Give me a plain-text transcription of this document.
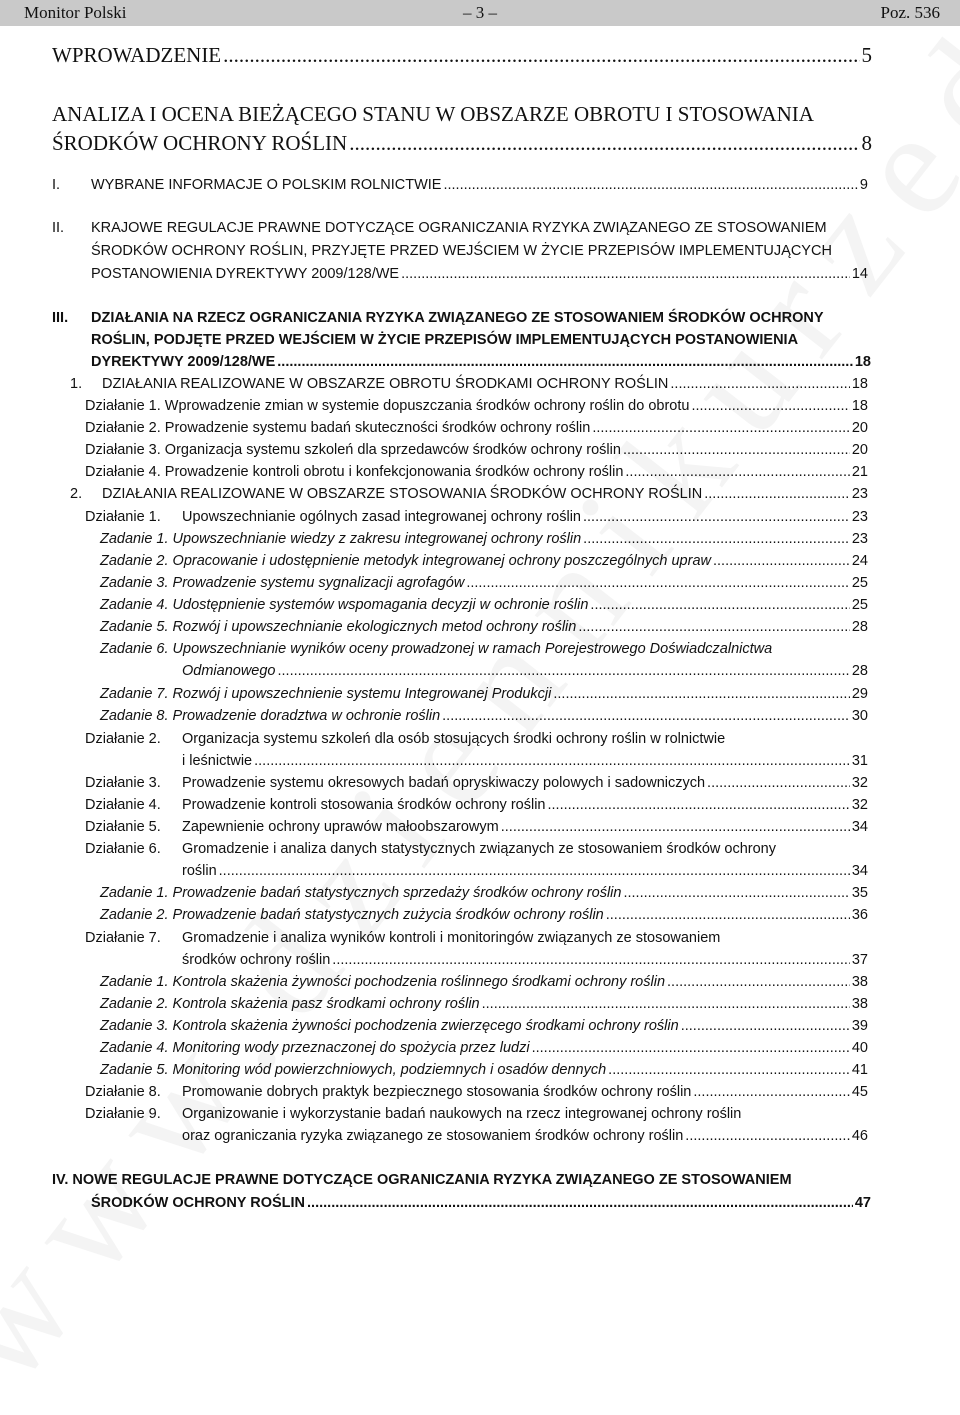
Monitor Polski	– 3 –	Poz. 536
WPROWADZENIE .....	5
ANALIZA I OCENA BIEŻĄCEGO STANU W OBSZARZE OBROTU I STOSOWANIA
ŚRODKÓW OCHRONY ROŚLIN .....	8
I. WYBRANE INFORMACJE O POLSKIM ROLNICTWIE .....	9
II. KRAJOWE REGULACJE PRAWNE DOTYCZĄCE OGRANICZANIA RYZYKA ZWIĄZANEGO ZE STOSOWANIEM
ŚRODKÓW OCHRONY ROŚLIN, PRZYJĘTE PRZED WEJŚCIEM W ŻYCIE PRZEPISÓW IMPLEMENTUJĄCYCH
POSTANOWIENIA DYREKTYWY 2009/128/WE .....	14
III. DZIAŁANIA NA RZECZ OGRANICZANIA RYZYKA ZWIĄZANEGO ZE STOSOWANIEM ŚRODKÓW OCHRONY
ROŚLIN, PODJĘTE PRZED WEJŚCIEM W ŻYCIE PRZEPISÓW IMPLEMENTUJĄCYCH POSTANOWIENIA
DYREKTYWY 2009/128/WE .....	18
1. DZIAŁANIA REALIZOWANE W OBSZARZE OBROTU ŚRODKAMI OCHRONY ROŚLIN .....	18
Działanie 1. Wprowadzenie zmian w systemie dopuszczania środków ochrony roślin do obrotu .....	18
Działanie 2. Prowadzenie systemu badań skuteczności środków ochrony roślin .....	20
Działanie 3. Organizacja systemu szkoleń dla sprzedawców środków ochrony roślin .....	20
Działanie 4. Prowadzenie kontroli obrotu i konfekcjonowania środków ochrony roślin .....	21
2. DZIAŁANIA REALIZOWANE W OBSZARZE STOSOWANIA ŚRODKÓW OCHRONY ROŚLIN .....	23
Działanie 1. Upowszechnianie ogólnych zasad integrowanej ochrony roślin .....	23
Zadanie 1. Upowszechnianie wiedzy z zakresu integrowanej ochrony roślin .....	23
Zadanie 2. Opracowanie i udostępnienie metodyk integrowanej ochrony poszczególnych upraw .....	24
Zadanie 3. Prowadzenie systemu sygnalizacji agrofagów .....	25
Zadanie 4. Udostępnienie systemów wspomagania decyzji w ochronie roślin .....	25
Zadanie 5. Rozwój i upowszechnianie ekologicznych metod ochrony roślin .....	28
Zadanie 6. Upowszechnianie wyników oceny prowadzonej w ramach Porejestrowego Doświadczalnictwa
Odmianowego .....	28
Zadanie 7. Rozwój i upowszechnienie systemu Integrowanej Produkcji .....	29
Zadanie 8. Prowadzenie doradztwa w ochronie roślin .....	30
Działanie 2. Organizacja systemu szkoleń dla osób stosujących środki ochrony roślin w rolnictwie
i leśnictwie .....	31
Działanie 3. Prowadzenie systemu okresowych badań opryskiwaczy polowych i sadowniczych .....	32
Działanie 4. Prowadzenie kontroli stosowania środków ochrony roślin .....	32
Działanie 5. Zapewnienie ochrony uprawów małoobszarowym .....	34
Działanie 6. Gromadzenie i analiza danych statystycznych związanych ze stosowaniem środków ochrony
roślin .....	34
Zadanie 1. Prowadzenie badań statystycznych sprzedaży środków ochrony roślin .....	35
Zadanie 2. Prowadzenie badań statystycznych zużycia środków ochrony roślin .....	36
Działanie 7. Gromadzenie i analiza wyników kontroli i monitoringów związanych ze stosowaniem
środków ochrony roślin .....	37
Zadanie 1. Kontrola skażenia żywności pochodzenia roślinnego środkami ochrony roślin .....	38
Zadanie 2. Kontrola skażenia pasz środkami ochrony roślin .....	38
Zadanie 3. Kontrola skażenia żywności pochodzenia zwierzęcego środkami ochrony roślin .....	39
Zadanie 4. Monitoring wody przeznaczonej do spożycia przez ludzi .....	40
Zadanie 5. Monitoring wód powierzchniowych, podziemnych i osadów dennych .....	41
Działanie 8. Promowanie dobrych praktyk bezpiecznego stosowania środków ochrony roślin .....	45
Działanie 9. Organizowanie i wykorzystanie badań naukowych na rzecz integrowanej ochrony roślin
oraz ograniczania ryzyka związanego ze stosowaniem środków ochrony roślin .....	46
IV. NOWE REGULACJE PRAWNE DOTYCZĄCE OGRANICZANIA RYZYKA ZWIĄZANEGO ZE STOSOWANIEM
ŚRODKÓW OCHRONY ROŚLIN .....	47
